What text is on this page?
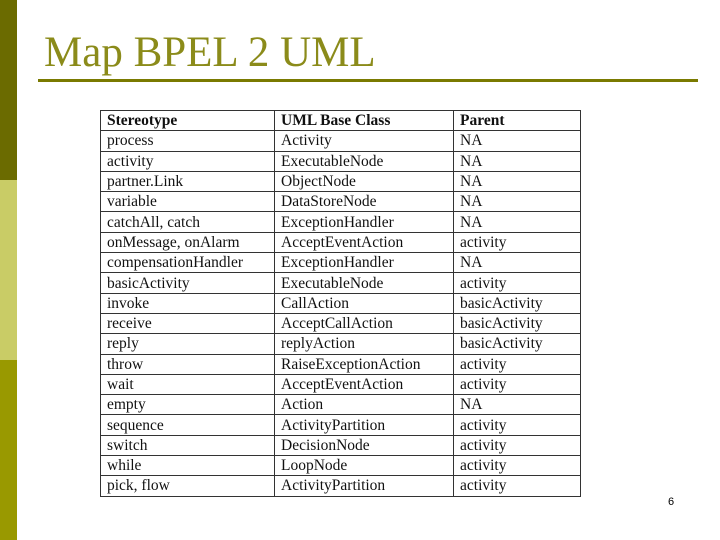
Map BPEL 2 UML
Stereotype	UML Base Class	Parent
process	Activity	NA
activity	ExecutableNode	NA
partner.Link	ObjectNode	NA
variable	DataStoreNode	NA
catchAll, catch	ExceptionHandler	NA
onMessage, onAlarm	AcceptEventAction	activity
compensationHandler	ExceptionHandler	NA
basicActivity	ExecutableNode	activity
invoke	CallAction	basicActivity
receive	AcceptCallAction	basicActivity
reply	replyAction	basicActivity
throw	RaiseExceptionAction	activity
wait	AcceptEventAction	activity
empty	Action	NA
sequence	ActivityPartition	activity
switch	DecisionNode	activity
while	LoopNode	activity
pick, flow	ActivityPartition	activity
6
